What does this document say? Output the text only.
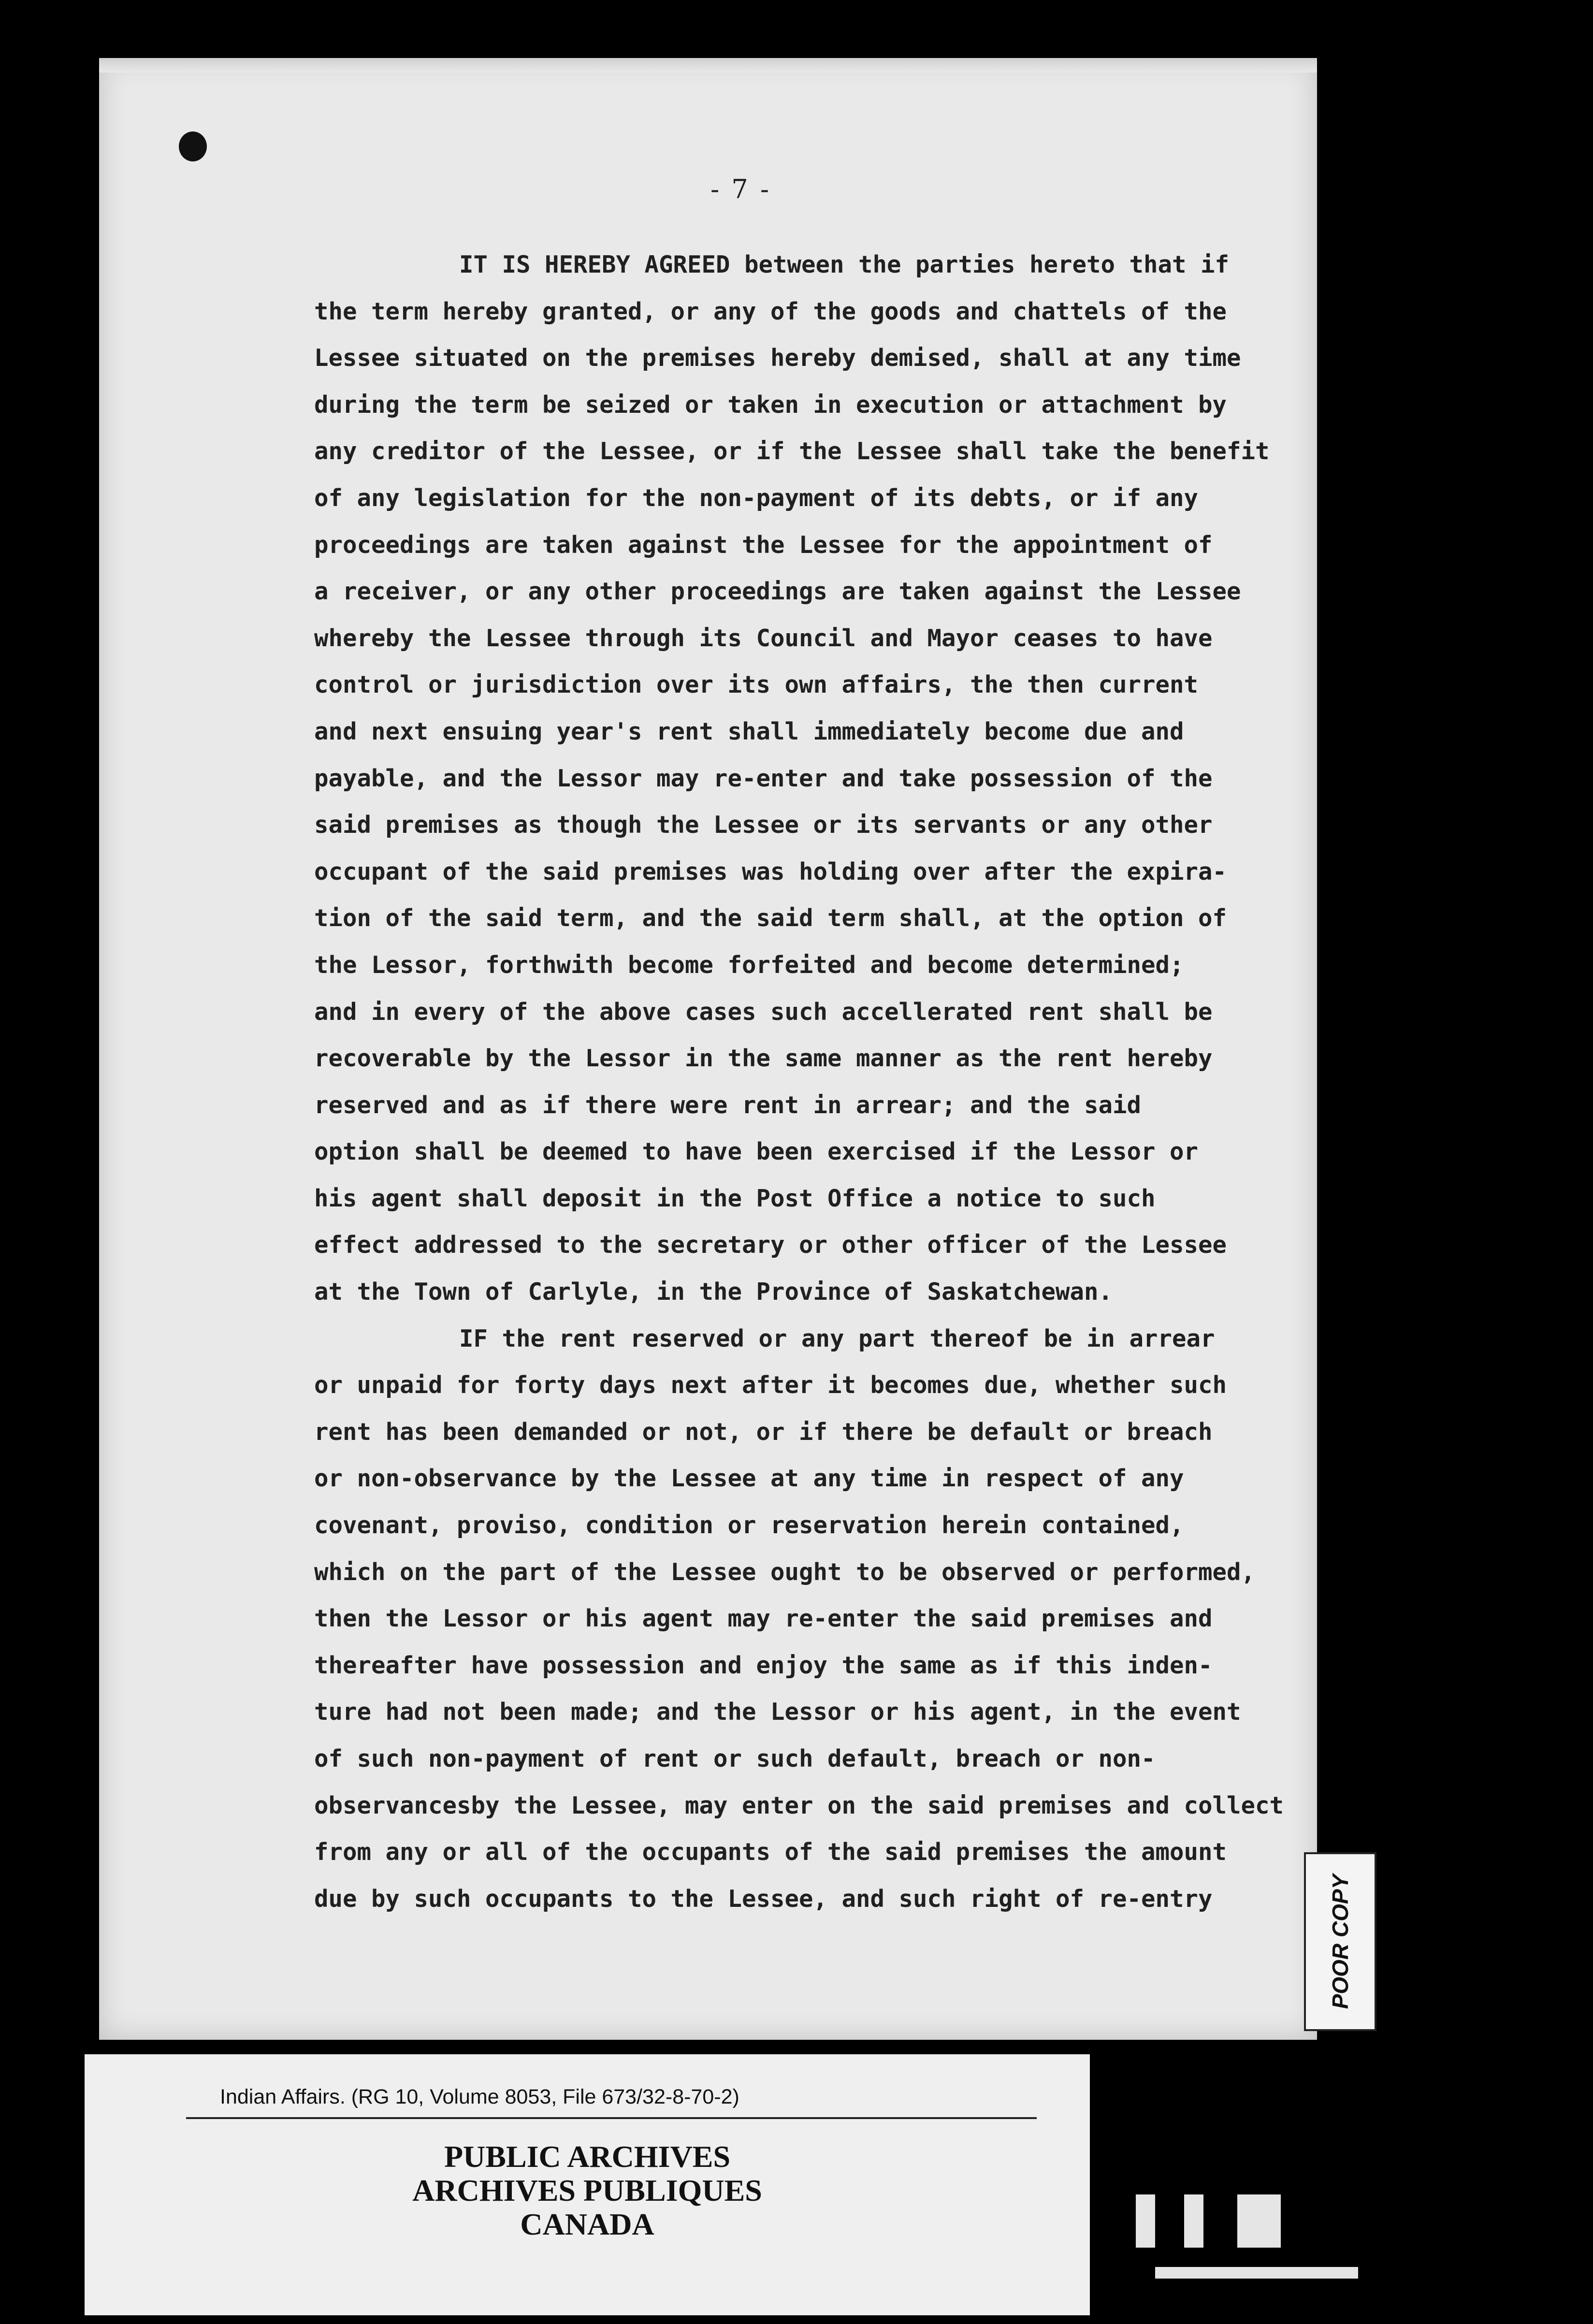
- 7 -
IT IS HEREBY AGREED between the parties hereto that if
the term hereby granted, or any of the goods and chattels of the
Lessee situated on the premises hereby demised, shall at any time
during the term be seized or taken in execution or attachment by
any creditor of the Lessee, or if the Lessee shall take the benefit
of any legislation for the non-payment of its debts, or if any
proceedings are taken against the Lessee for the appointment of
a receiver, or any other proceedings are taken against the Lessee
whereby the Lessee through its Council and Mayor ceases to have
control or jurisdiction over its own affairs, the then current
and next ensuing year's rent shall immediately become due and
payable, and the Lessor may re-enter and take possession of the
said premises as though the Lessee or its servants or any other
occupant of the said premises was holding over after the expira-
tion of the said term, and the said term shall, at the option of
the Lessor, forthwith become forfeited and become determined;
and in every of the above cases such accellerated rent shall be
recoverable by the Lessor in the same manner as the rent hereby
reserved and as if there were rent in arrear; and the said
option shall be deemed to have been exercised if the Lessor or
his agent shall deposit in the Post Office a notice to such
effect addressed to the secretary or other officer of the Lessee
at the Town of Carlyle, in the Province of Saskatchewan.
IF the rent reserved or any part thereof be in arrear
or unpaid for forty days next after it becomes due, whether such
rent has been demanded or not, or if there be default or breach
or non-observance by the Lessee at any time in respect of any
covenant, proviso, condition or reservation herein contained,
which on the part of the Lessee ought to be observed or performed,
then the Lessor or his agent may re-enter the said premises and
thereafter have possession and enjoy the same as if this inden-
ture had not been made; and the Lessor or his agent, in the event
of such non-payment of rent or such default, breach or non-
observancesby the Lessee, may enter on the said premises and collect
from any or all of the occupants of the said premises the amount
due by such occupants to the Lessee, and such right of re-entry	POOR COPY
Indian Affairs. (RG 10, Volume 8053, File 673/32-8-70-2)
PUBLIC ARCHIVES
ARCHIVES PUBLIQUES
CANADA
